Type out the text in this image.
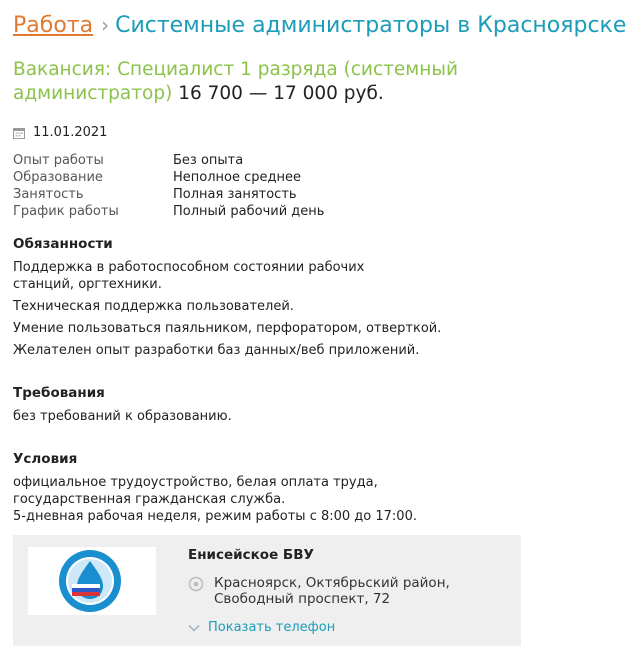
Работа › Системные администраторы в Красноярске
Вакансия: Специалист 1 разряда (системный администратор) 16 700 — 17 000 руб.
11.01.2021
Опыт работы	Без опыта
Образование	Неполное среднее
Занятость	Полная занятость
График работы	Полный рабочий день
Обязанности

Поддержка в работоспособном состоянии рабочих станций, оргтехники.

Техническая поддержка пользователей.

Умение пользоваться паяльником, перфоратором, отверткой.

Желателен опыт разработки баз данных/веб приложений.

Требования

без требований к образованию.

Условия

официальное трудоустройство, белая оплата труда, государственная гражданская служба.

5-дневная рабочая неделя, режим работы с 8:00 до 17:00.

Енисейское БВУ
Красноярск, Октябрьский район, Свободный проспект, 72
Показать телефон
